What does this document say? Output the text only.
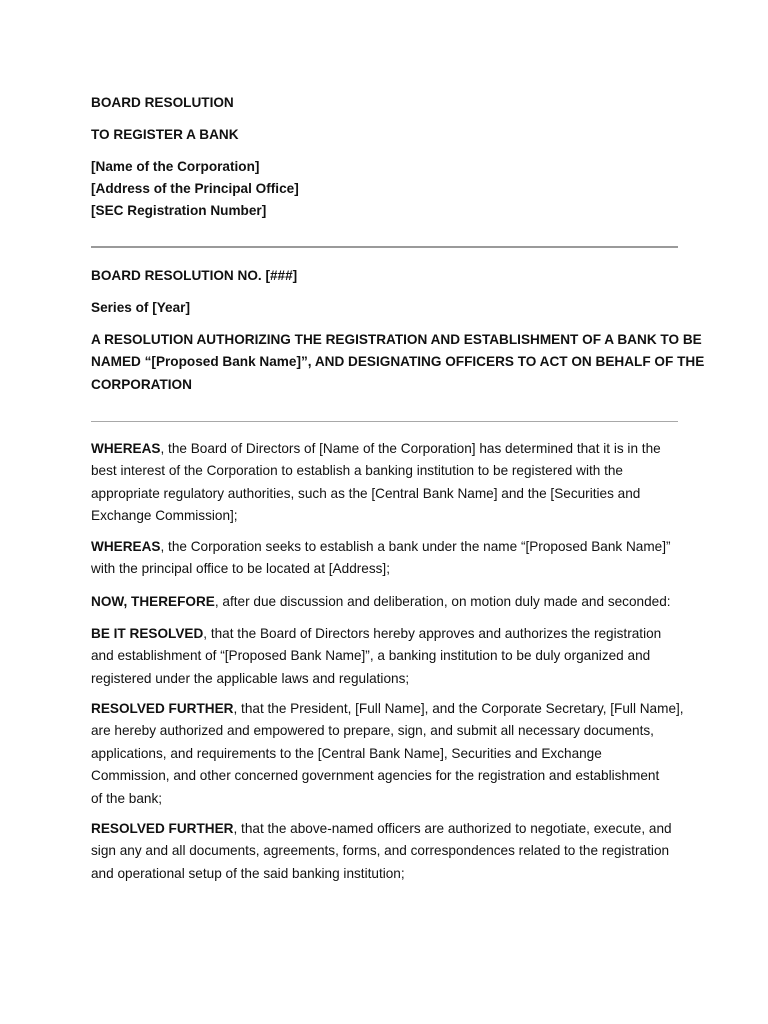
BOARD RESOLUTION
TO REGISTER A BANK
[Name of the Corporation]
[Address of the Principal Office]
[SEC Registration Number]
BOARD RESOLUTION NO. [###]
Series of [Year]
A RESOLUTION AUTHORIZING THE REGISTRATION AND ESTABLISHMENT OF A BANK TO BE
NAMED “[Proposed Bank Name]”, AND DESIGNATING OFFICERS TO ACT ON BEHALF OF THE
CORPORATION
WHEREAS, the Board of Directors of [Name of the Corporation] has determined that it is in the
best interest of the Corporation to establish a banking institution to be registered with the
appropriate regulatory authorities, such as the [Central Bank Name] and the [Securities and
Exchange Commission];
WHEREAS, the Corporation seeks to establish a bank under the name “[Proposed Bank Name]”
with the principal office to be located at [Address];
NOW, THEREFORE, after due discussion and deliberation, on motion duly made and seconded:
BE IT RESOLVED, that the Board of Directors hereby approves and authorizes the registration
and establishment of “[Proposed Bank Name]”, a banking institution to be duly organized and
registered under the applicable laws and regulations;
RESOLVED FURTHER, that the President, [Full Name], and the Corporate Secretary, [Full Name],
are hereby authorized and empowered to prepare, sign, and submit all necessary documents,
applications, and requirements to the [Central Bank Name], Securities and Exchange
Commission, and other concerned government agencies for the registration and establishment
of the bank;
RESOLVED FURTHER, that the above-named officers are authorized to negotiate, execute, and
sign any and all documents, agreements, forms, and correspondences related to the registration
and operational setup of the said banking institution;
